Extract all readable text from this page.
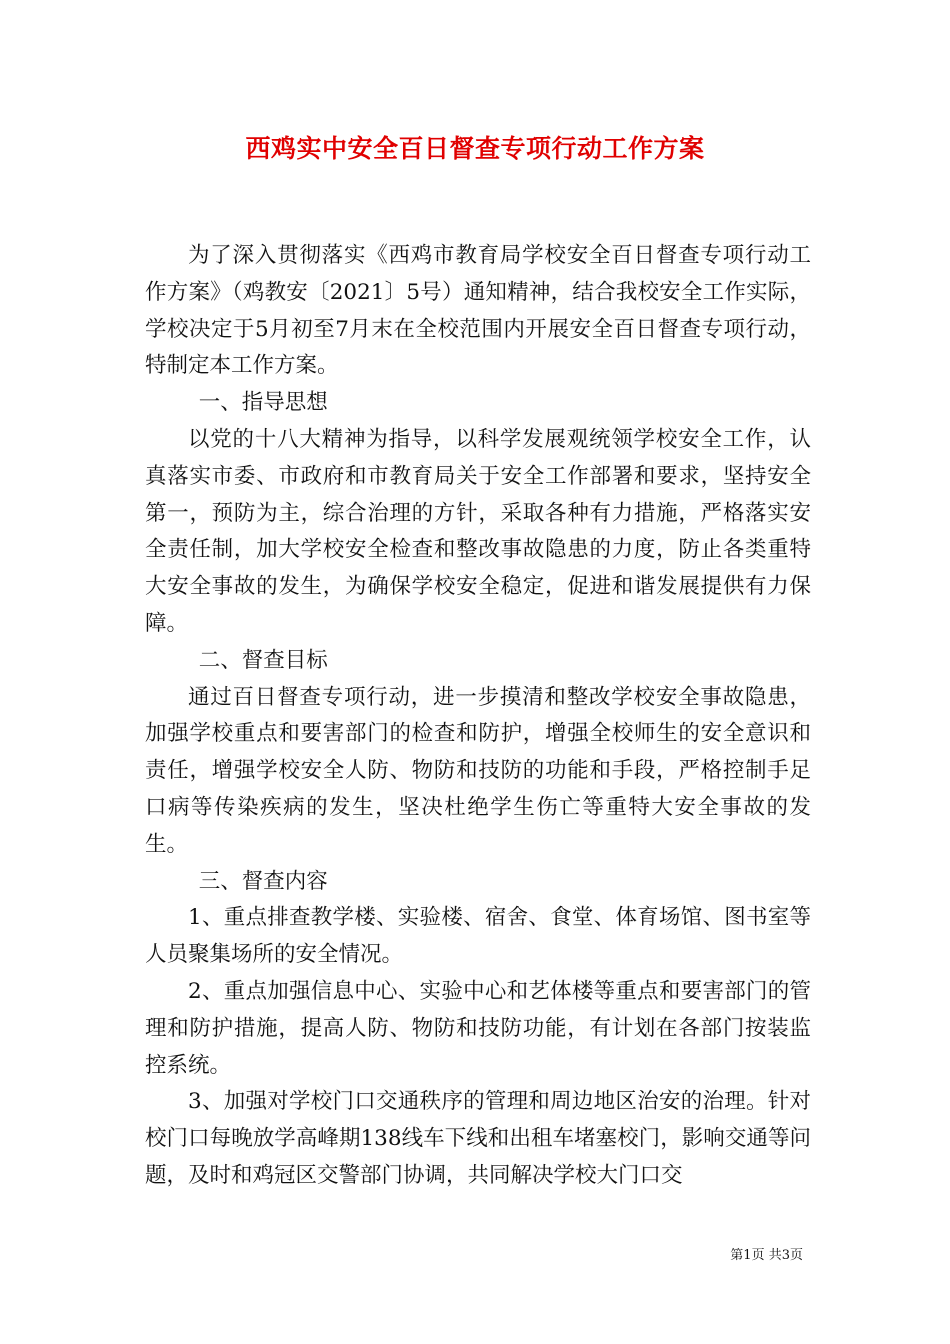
西鸡实中安全百日督查专项行动工作方案

为了深入贯彻落实《西鸡市教育局学校安全百日督查专项行动工作方案》（鸡教安〔2021〕5号）通知精神，结合我校安全工作实际，学校决定于5月初至7月末在全校范围内开展安全百日督查专项行动，特制定本工作方案。

一、指导思想

以党的十八大精神为指导，以科学发展观统领学校安全工作，认真落实市委、市政府和市教育局关于安全工作部署和要求，坚持安全第一，预防为主，综合治理的方针，采取各种有力措施，严格落实安全责任制，加大学校安全检查和整改事故隐患的力度，防止各类重特大安全事故的发生，为确保学校安全稳定，促进和谐发展提供有力保障。

二、督查目标

通过百日督查专项行动，进一步摸清和整改学校安全事故隐患，加强学校重点和要害部门的检查和防护，增强全校师生的安全意识和责任，增强学校安全人防、物防和技防的功能和手段，严格控制手足口病等传染疾病的发生，坚决杜绝学生伤亡等重特大安全事故的发生。

三、督查内容

1、重点排查教学楼、实验楼、宿舍、食堂、体育场馆、图书室等人员聚集场所的安全情况。

2、重点加强信息中心、实验中心和艺体楼等重点和要害部门的管理和防护措施，提高人防、物防和技防功能，有计划在各部门按装监控系统。

3、加强对学校门口交通秩序的管理和周边地区治安的治理。针对校门口每晚放学高峰期138线车下线和出租车堵塞校门，影响交通等问题，及时和鸡冠区交警部门协调，共同解决学校大门口交

第1页 共3页
